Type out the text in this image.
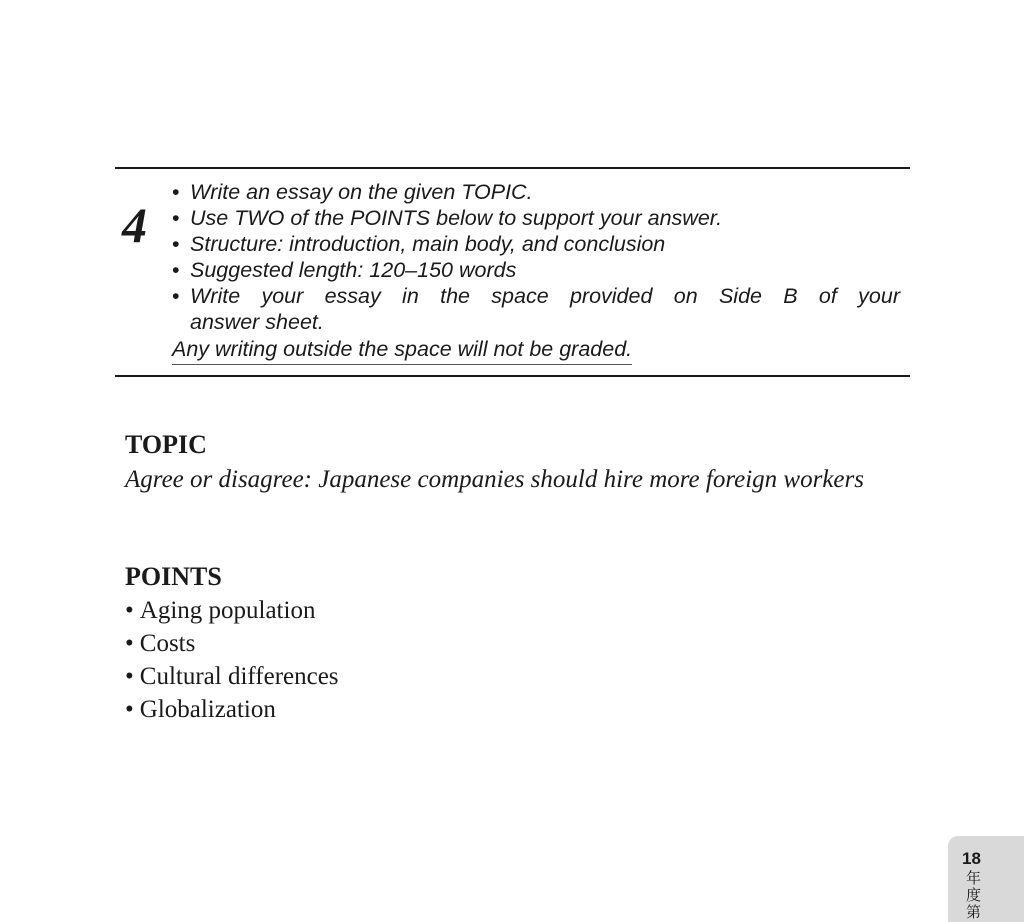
4
• Write an essay on the given TOPIC.
• Use TWO of the POINTS below to support your answer.
• Structure: introduction, main body, and conclusion
• Suggested length: 120–150 words
• Write your essay in the space provided on Side B of your
answer sheet.
Any writing outside the space will not be graded.
TOPIC
Agree or disagree: Japanese companies should hire more foreign workers
POINTS
• Aging population
• Costs
• Cultural differences
• Globalization
18
年度第
